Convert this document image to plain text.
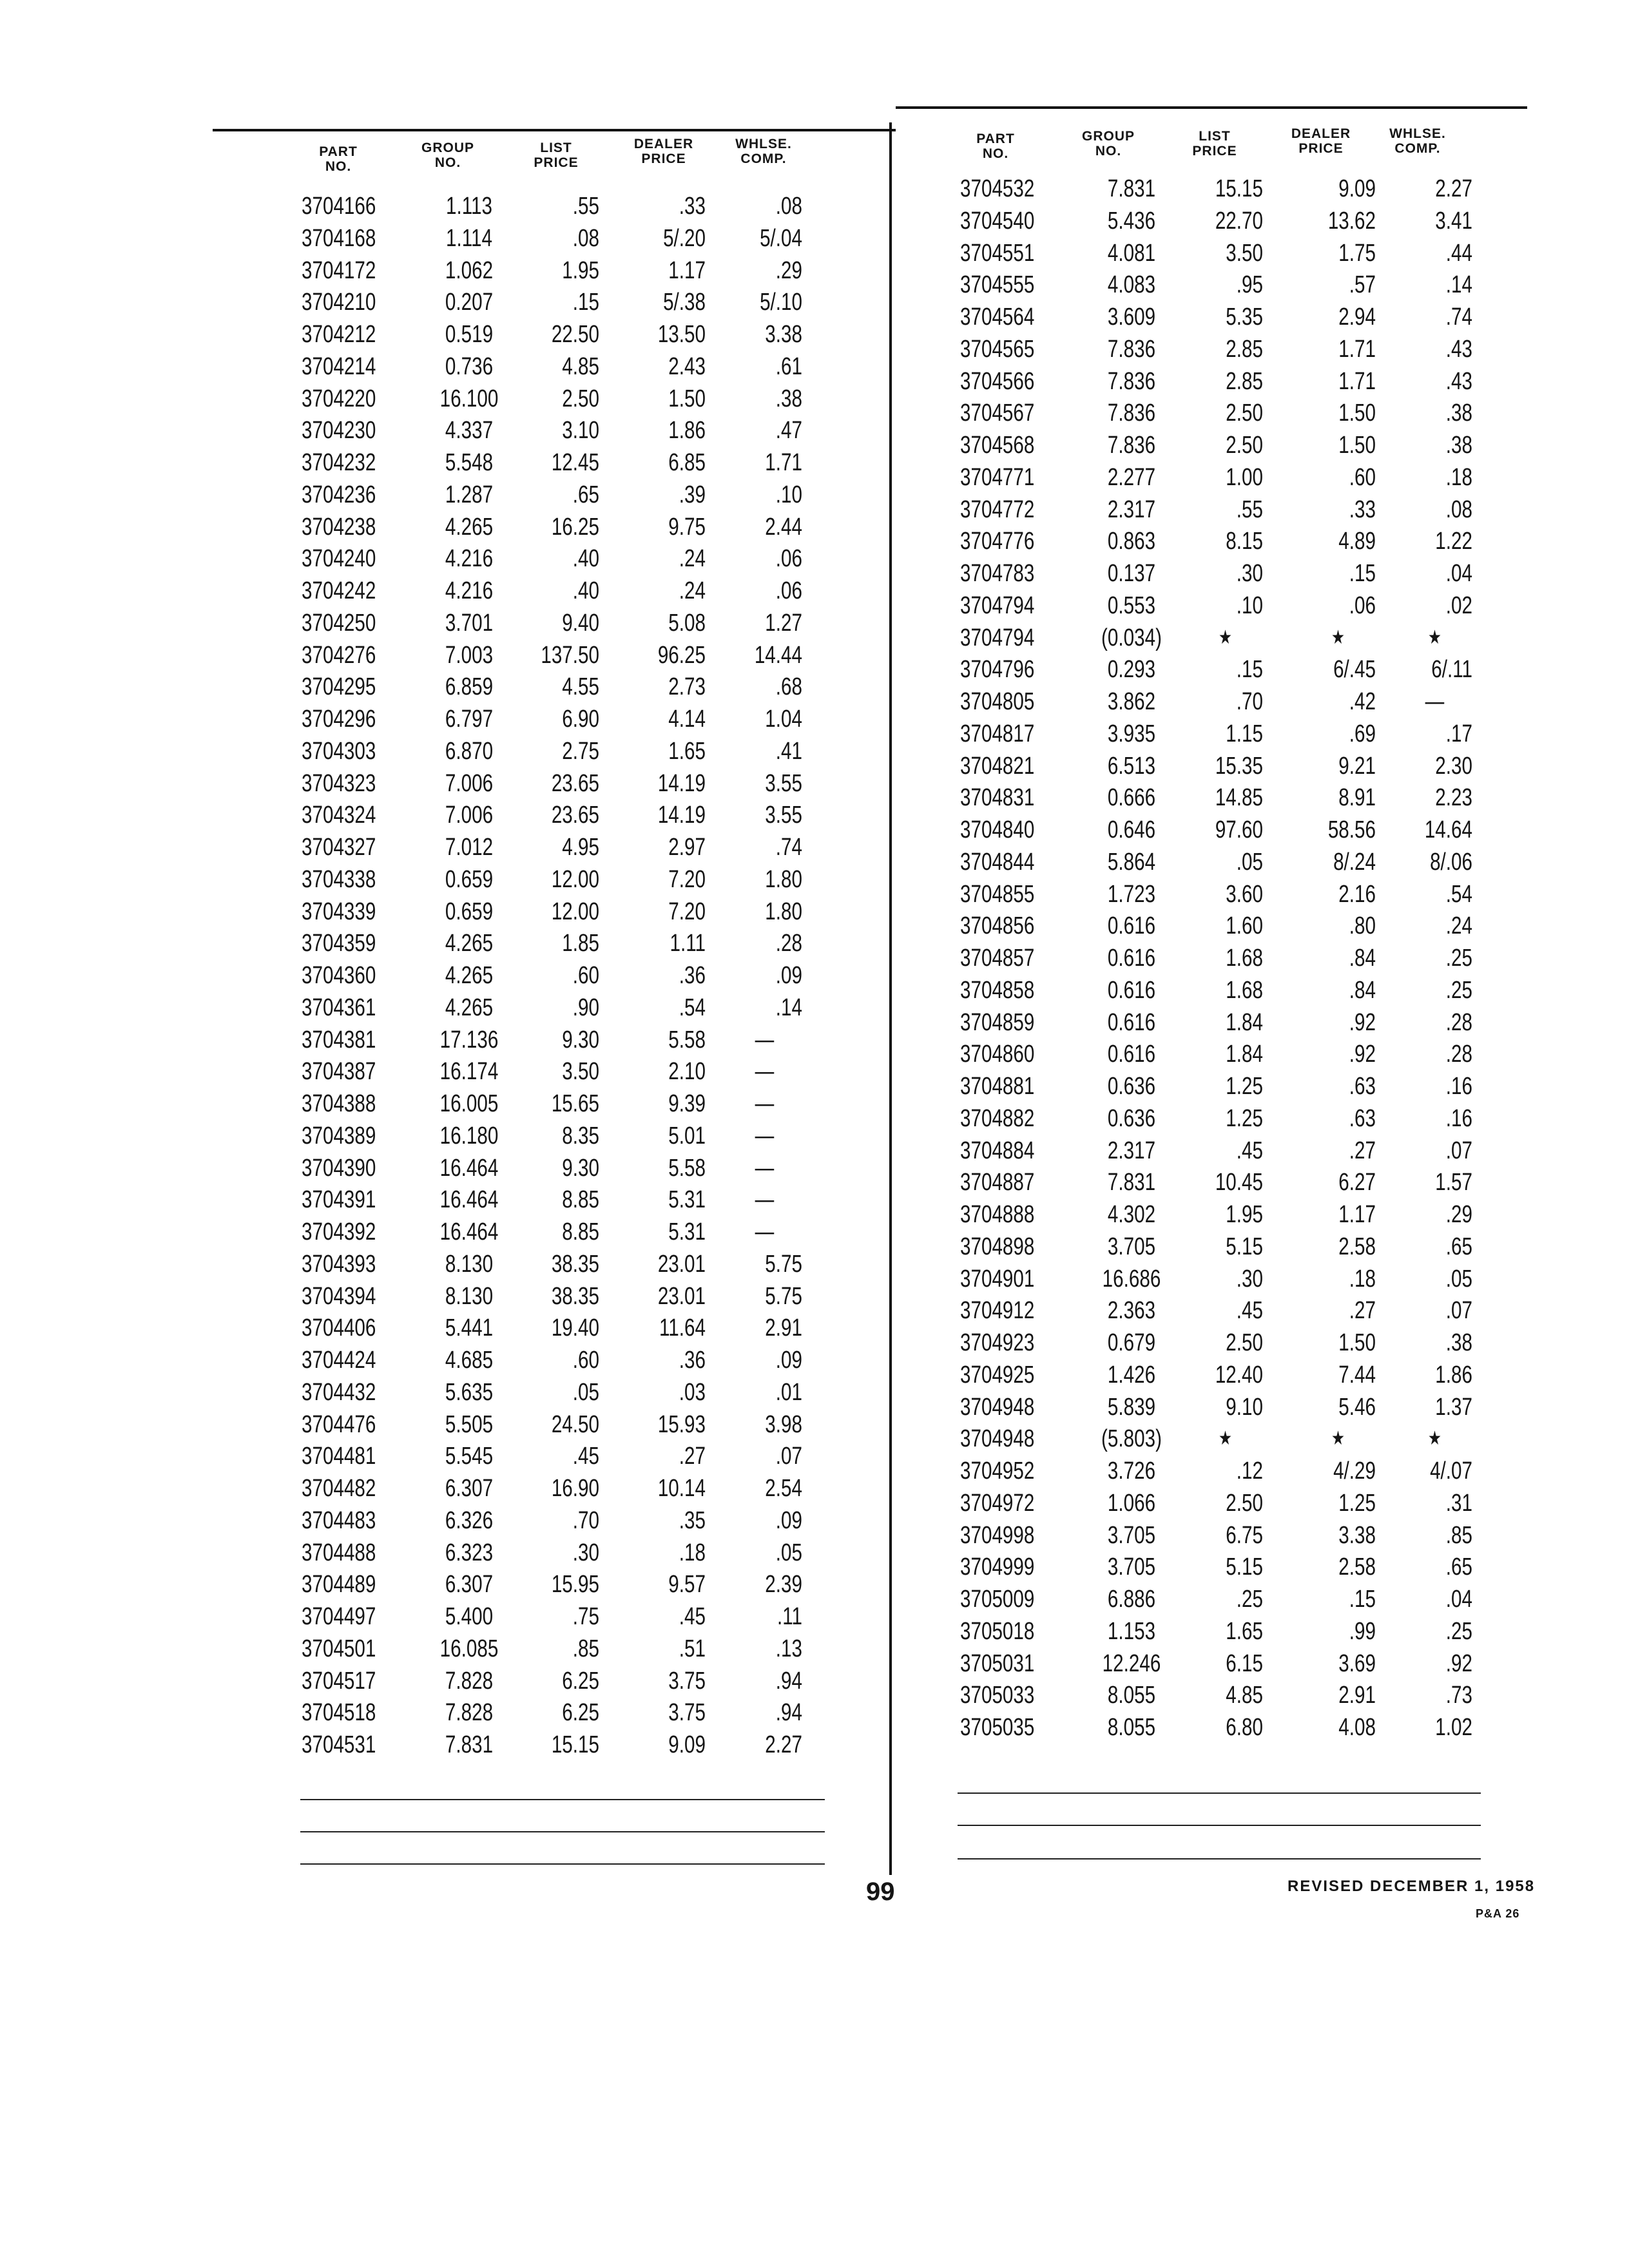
PART
NO.
GROUP
NO.
LIST
PRICE
DEALER
PRICE
WHLSE.
COMP.
PART
NO.
GROUP
NO.
LIST
PRICE
DEALER
PRICE
WHLSE.
COMP.
3704166	1.113	.55	.33	.08
3704168	1.114	.08	5/.20	5/.04
3704172	1.062	1.95	1.17	.29
3704210	0.207	.15	5/.38	5/.10
3704212	0.519	22.50	13.50	3.38
3704214	0.736	4.85	2.43	.61
3704220	16.100	2.50	1.50	.38
3704230	4.337	3.10	1.86	.47
3704232	5.548	12.45	6.85	1.71
3704236	1.287	.65	.39	.10
3704238	4.265	16.25	9.75	2.44
3704240	4.216	.40	.24	.06
3704242	4.216	.40	.24	.06
3704250	3.701	9.40	5.08	1.27
3704276	7.003	137.50	96.25	14.44
3704295	6.859	4.55	2.73	.68
3704296	6.797	6.90	4.14	1.04
3704303	6.870	2.75	1.65	.41
3704323	7.006	23.65	14.19	3.55
3704324	7.006	23.65	14.19	3.55
3704327	7.012	4.95	2.97	.74
3704338	0.659	12.00	7.20	1.80
3704339	0.659	12.00	7.20	1.80
3704359	4.265	1.85	1.11	.28
3704360	4.265	.60	.36	.09
3704361	4.265	.90	.54	.14
3704381	17.136	9.30	5.58	—
3704387	16.174	3.50	2.10	—
3704388	16.005	15.65	9.39	—
3704389	16.180	8.35	5.01	—
3704390	16.464	9.30	5.58	—
3704391	16.464	8.85	5.31	—
3704392	16.464	8.85	5.31	—
3704393	8.130	38.35	23.01	5.75
3704394	8.130	38.35	23.01	5.75
3704406	5.441	19.40	11.64	2.91
3704424	4.685	.60	.36	.09
3704432	5.635	.05	.03	.01
3704476	5.505	24.50	15.93	3.98
3704481	5.545	.45	.27	.07
3704482	6.307	16.90	10.14	2.54
3704483	6.326	.70	.35	.09
3704488	6.323	.30	.18	.05
3704489	6.307	15.95	9.57	2.39
3704497	5.400	.75	.45	.11
3704501	16.085	.85	.51	.13
3704517	7.828	6.25	3.75	.94
3704518	7.828	6.25	3.75	.94
3704531	7.831	15.15	9.09	2.27
3704532	7.831	15.15	9.09	2.27
3704540	5.436	22.70	13.62	3.41
3704551	4.081	3.50	1.75	.44
3704555	4.083	.95	.57	.14
3704564	3.609	5.35	2.94	.74
3704565	7.836	2.85	1.71	.43
3704566	7.836	2.85	1.71	.43
3704567	7.836	2.50	1.50	.38
3704568	7.836	2.50	1.50	.38
3704771	2.277	1.00	.60	.18
3704772	2.317	.55	.33	.08
3704776	0.863	8.15	4.89	1.22
3704783	0.137	.30	.15	.04
3704794	0.553	.10	.06	.02
3704794	(0.034)	★	★	★
3704796	0.293	.15	6/.45	6/.11
3704805	3.862	.70	.42	—
3704817	3.935	1.15	.69	.17
3704821	6.513	15.35	9.21	2.30
3704831	0.666	14.85	8.91	2.23
3704840	0.646	97.60	58.56	14.64
3704844	5.864	.05	8/.24	8/.06
3704855	1.723	3.60	2.16	.54
3704856	0.616	1.60	.80	.24
3704857	0.616	1.68	.84	.25
3704858	0.616	1.68	.84	.25
3704859	0.616	1.84	.92	.28
3704860	0.616	1.84	.92	.28
3704881	0.636	1.25	.63	.16
3704882	0.636	1.25	.63	.16
3704884	2.317	.45	.27	.07
3704887	7.831	10.45	6.27	1.57
3704888	4.302	1.95	1.17	.29
3704898	3.705	5.15	2.58	.65
3704901	16.686	.30	.18	.05
3704912	2.363	.45	.27	.07
3704923	0.679	2.50	1.50	.38
3704925	1.426	12.40	7.44	1.86
3704948	5.839	9.10	5.46	1.37
3704948	(5.803)	★	★	★
3704952	3.726	.12	4/.29	4/.07
3704972	1.066	2.50	1.25	.31
3704998	3.705	6.75	3.38	.85
3704999	3.705	5.15	2.58	.65
3705009	6.886	.25	.15	.04
3705018	1.153	1.65	.99	.25
3705031	12.246	6.15	3.69	.92
3705033	8.055	4.85	2.91	.73
3705035	8.055	6.80	4.08	1.02
99	REVISED DECEMBER 1, 1958
P&A 26
